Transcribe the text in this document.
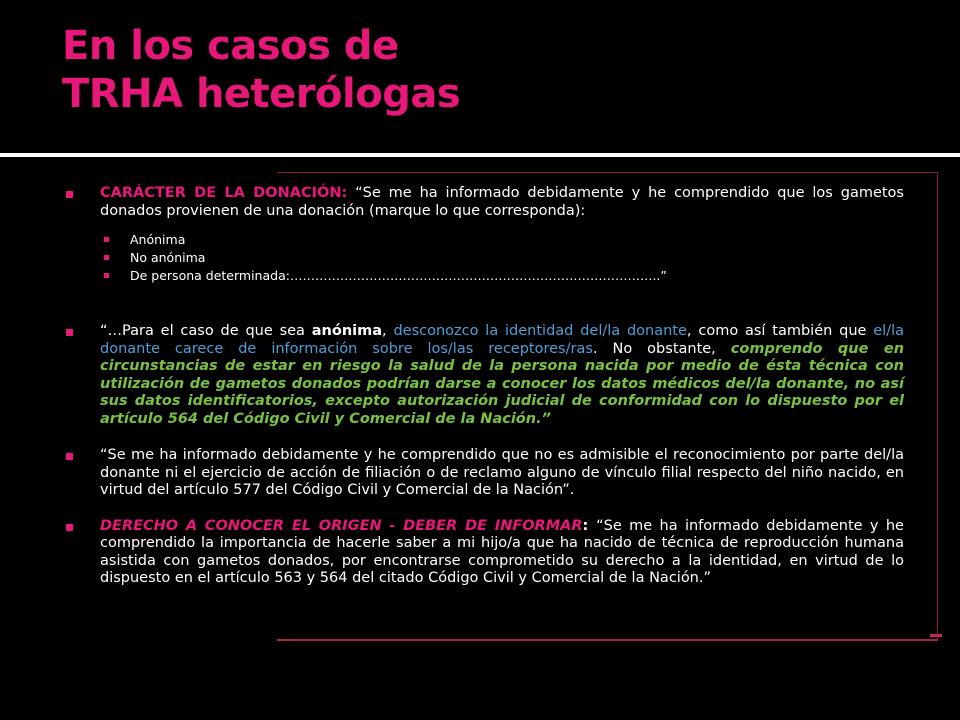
En los casos de
TRHA heterólogas
CARÁCTER DE LA DONACIÓN: “Se me ha informado debidamente y he comprendido que los gametos donados provienen de una donación (marque lo que corresponda):
Anónima
No anónima
De persona determinada:……………………………………………………………………………..”
“…Para el caso de que sea anónima, desconozco la identidad del/la donante, como así también que el/la donante carece de información sobre los/las receptores/ras. No obstante, comprendo que en circunstancias de estar en riesgo la salud de la persona nacida por medio de ésta técnica con utilización de gametos donados podrían darse a conocer los datos médicos del/la donante, no así sus datos identificatorios, excepto autorización judicial de conformidad con lo dispuesto por el artículo 564 del Código Civil y Comercial de la Nación.”
“Se me ha informado debidamente y he comprendido que no es admisible el reconocimiento por parte del/la donante ni el ejercicio de acción de filiación o de reclamo alguno de vínculo filial respecto del niño nacido, en virtud del artículo 577 del Código Civil y Comercial de la Nación”.
DERECHO A CONOCER EL ORIGEN - DEBER DE INFORMAR: “Se me ha informado debidamente y he comprendido la importancia de hacerle saber a mi hijo/a que ha nacido de técnica de reproducción humana asistida con gametos donados, por encontrarse comprometido su derecho a la identidad, en virtud de lo dispuesto en el artículo 563 y 564 del citado Código Civil y Comercial de la Nación.”
